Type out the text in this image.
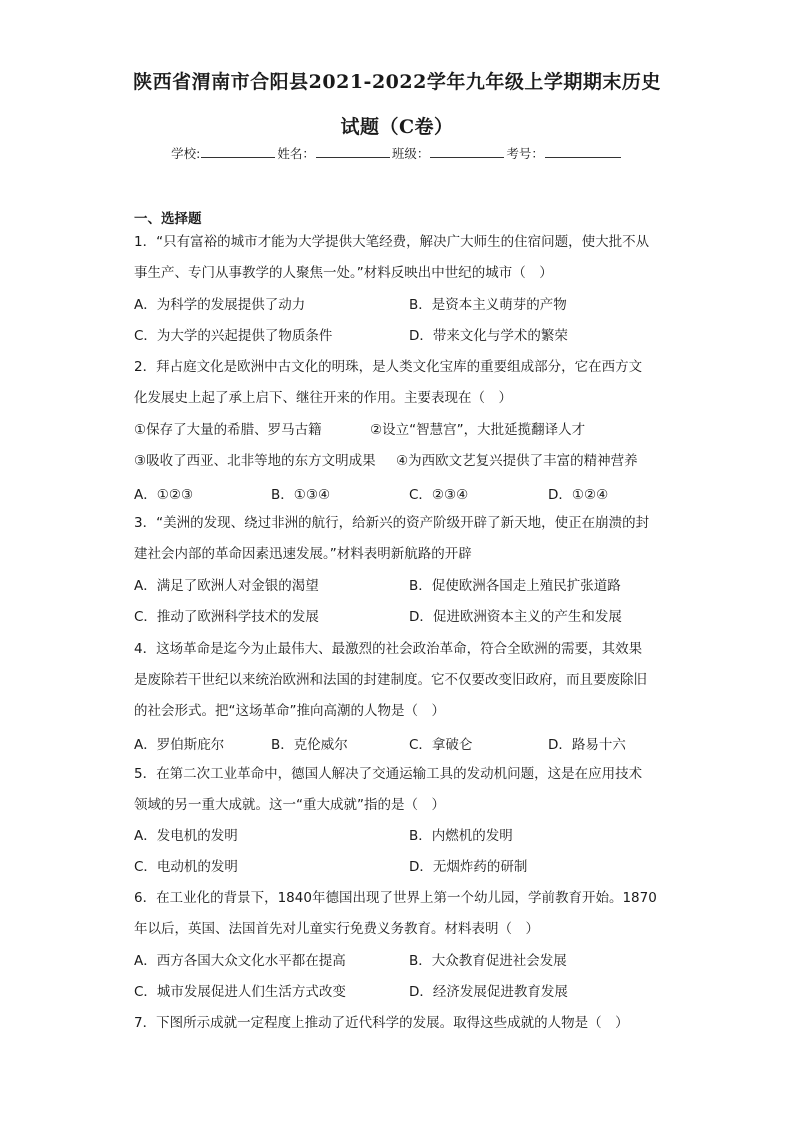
陕西省渭南市合阳县2021-2022学年九年级上学期期末历史
试题（C卷）
学校:	姓名：	班级：	考号：
一、选择题
1．“只有富裕的城市才能为大学提供大笔经费，解决广大师生的住宿问题，使大批不从
事生产、专门从事教学的人聚焦一处。”材料反映出中世纪的城市（　）
A．为科学的发展提供了动力	B．是资本主义萌芽的产物
C．为大学的兴起提供了物质条件	D．带来文化与学术的繁荣
2．拜占庭文化是欧洲中古文化的明珠，是人类文化宝库的重要组成部分，它在西方文
化发展史上起了承上启下、继往开来的作用。主要表现在（　）
①保存了大量的希腊、罗马古籍	②设立“智慧宫”，大批延揽翻译人才
③吸收了西亚、北非等地的东方文明成果 ④为西欧文艺复兴提供了丰富的精神营养
A．①②③	B．①③④	C．②③④	D．①②④
3．“美洲的发现、绕过非洲的航行，给新兴的资产阶级开辟了新天地，使正在崩溃的封
建社会内部的革命因素迅速发展。”材料表明新航路的开辟
A．满足了欧洲人对金银的渴望	B．促使欧洲各国走上殖民扩张道路
C．推动了欧洲科学技术的发展	D．促进欧洲资本主义的产生和发展
4．这场革命是迄今为止最伟大、最激烈的社会政治革命，符合全欧洲的需要，其效果
是废除若干世纪以来统治欧洲和法国的封建制度。它不仅要改变旧政府，而且要废除旧
的社会形式。把“这场革命”推向高潮的人物是（　）
A．罗伯斯庇尔	B．克伦威尔	C．拿破仑	D．路易十六
5．在第二次工业革命中，德国人解决了交通运输工具的发动机问题，这是在应用技术
领域的另一重大成就。这一“重大成就”指的是（　）
A．发电机的发明	B．内燃机的发明
C．电动机的发明	D．无烟炸药的研制
6．在工业化的背景下，1840年德国出现了世界上第一个幼儿园，学前教育开始。1870
年以后，英国、法国首先对儿童实行免费义务教育。材料表明（　）
A．西方各国大众文化水平都在提高	B．大众教育促进社会发展
C．城市发展促进人们生活方式改变	D．经济发展促进教育发展
7．下图所示成就一定程度上推动了近代科学的发展。取得这些成就的人物是（　）
